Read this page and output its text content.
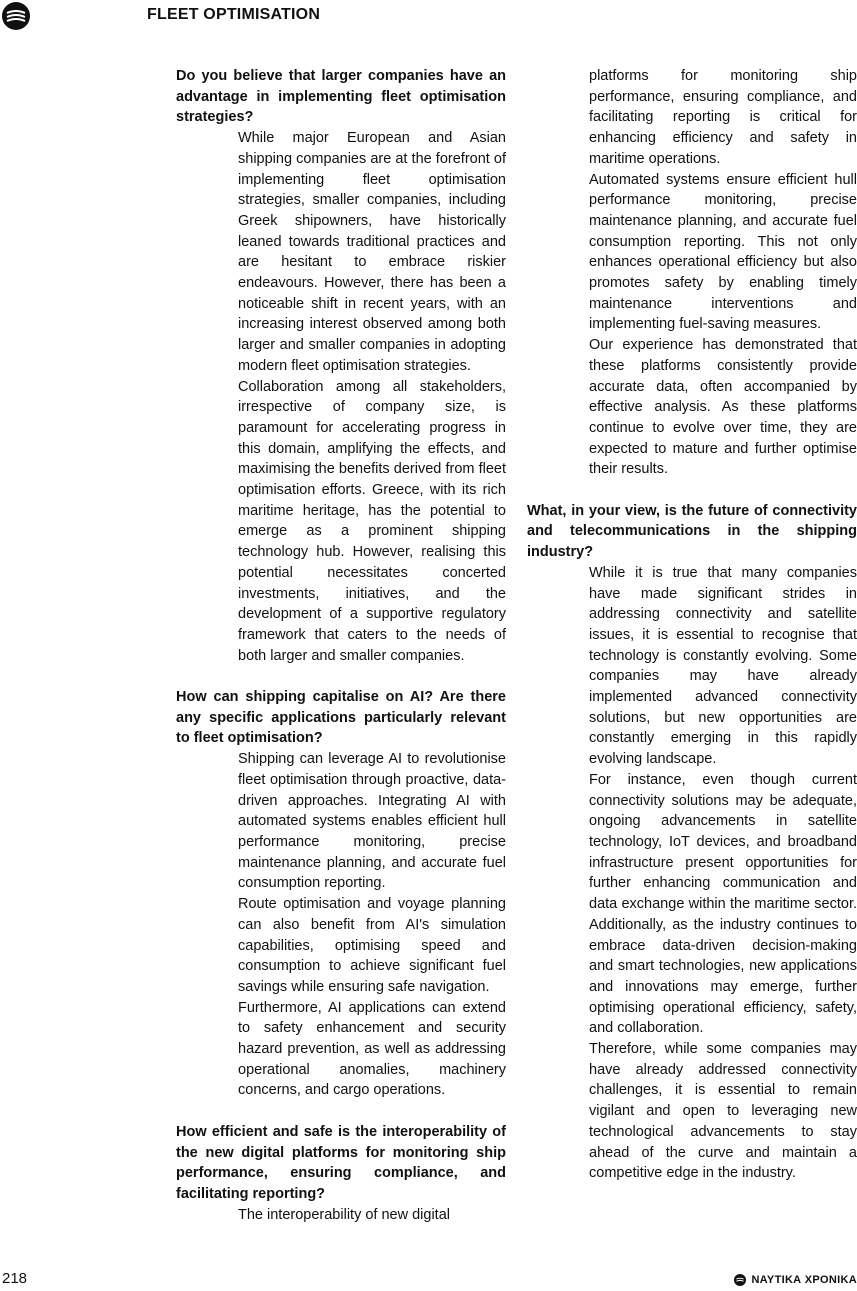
FLEET OPTIMISATION

Do you believe that larger companies have an advantage in implementing fleet optimisation strategies?

While major European and Asian shipping companies are at the forefront of implementing fleet optimisation strategies, smaller companies, including Greek shipowners, have historically leaned towards traditional practices and are hesitant to embrace riskier endeavours. However, there has been a noticeable shift in recent years, with an increasing interest observed among both larger and smaller companies in adopting modern fleet optimisation strategies.

Collaboration among all stakeholders, irrespective of company size, is paramount for accelerating progress in this domain, amplifying the effects, and maximising the benefits derived from fleet optimisation efforts. Greece, with its rich maritime heritage, has the potential to emerge as a prominent shipping technology hub. However, realising this potential necessitates concerted investments, initiatives, and the development of a supportive regulatory framework that caters to the needs of both larger and smaller companies.

How can shipping capitalise on AI? Are there any specific applications particularly relevant to fleet optimisation?

Shipping can leverage AI to revolutionise fleet optimisation through proactive, data-driven approaches. Integrating AI with automated systems enables efficient hull performance monitoring, precise maintenance planning, and accurate fuel consumption reporting.

Route optimisation and voyage planning can also benefit from AI's simulation capabilities, optimising speed and consumption to achieve significant fuel savings while ensuring safe navigation.

Furthermore, AI applications can extend to safety enhancement and security hazard prevention, as well as addressing operational anomalies, machinery concerns, and cargo operations.

How efficient and safe is the interoperability of the new digital platforms for monitoring ship performance, ensuring compliance, and facilitating reporting?

The interoperability of new digital

platforms for monitoring ship performance, ensuring compliance, and facilitating reporting is critical for enhancing efficiency and safety in maritime operations.

Automated systems ensure efficient hull performance monitoring, precise maintenance planning, and accurate fuel consumption reporting. This not only enhances operational efficiency but also promotes safety by enabling timely maintenance interventions and implementing fuel-saving measures.

Our experience has demonstrated that these platforms consistently provide accurate data, often accompanied by effective analysis. As these platforms continue to evolve over time, they are expected to mature and further optimise their results.

What, in your view, is the future of connectivity and telecommunications in the shipping industry?

While it is true that many companies have made significant strides in addressing connectivity and satellite issues, it is essential to recognise that technology is constantly evolving. Some companies may have already implemented advanced connectivity solutions, but new opportunities are constantly emerging in this rapidly evolving landscape.

For instance, even though current connectivity solutions may be adequate, ongoing advancements in satellite technology, IoT devices, and broadband infrastructure present opportunities for further enhancing communication and data exchange within the maritime sector. Additionally, as the industry continues to embrace data-driven decision-making and smart technologies, new applications and innovations may emerge, further optimising operational efficiency, safety, and collaboration.

Therefore, while some companies may have already addressed connectivity challenges, it is essential to remain vigilant and open to leveraging new technological advancements to stay ahead of the curve and maintain a competitive edge in the industry.

218	ΝΑΥΤΙΚΑ ΧΡΟΝΙΚΑ
